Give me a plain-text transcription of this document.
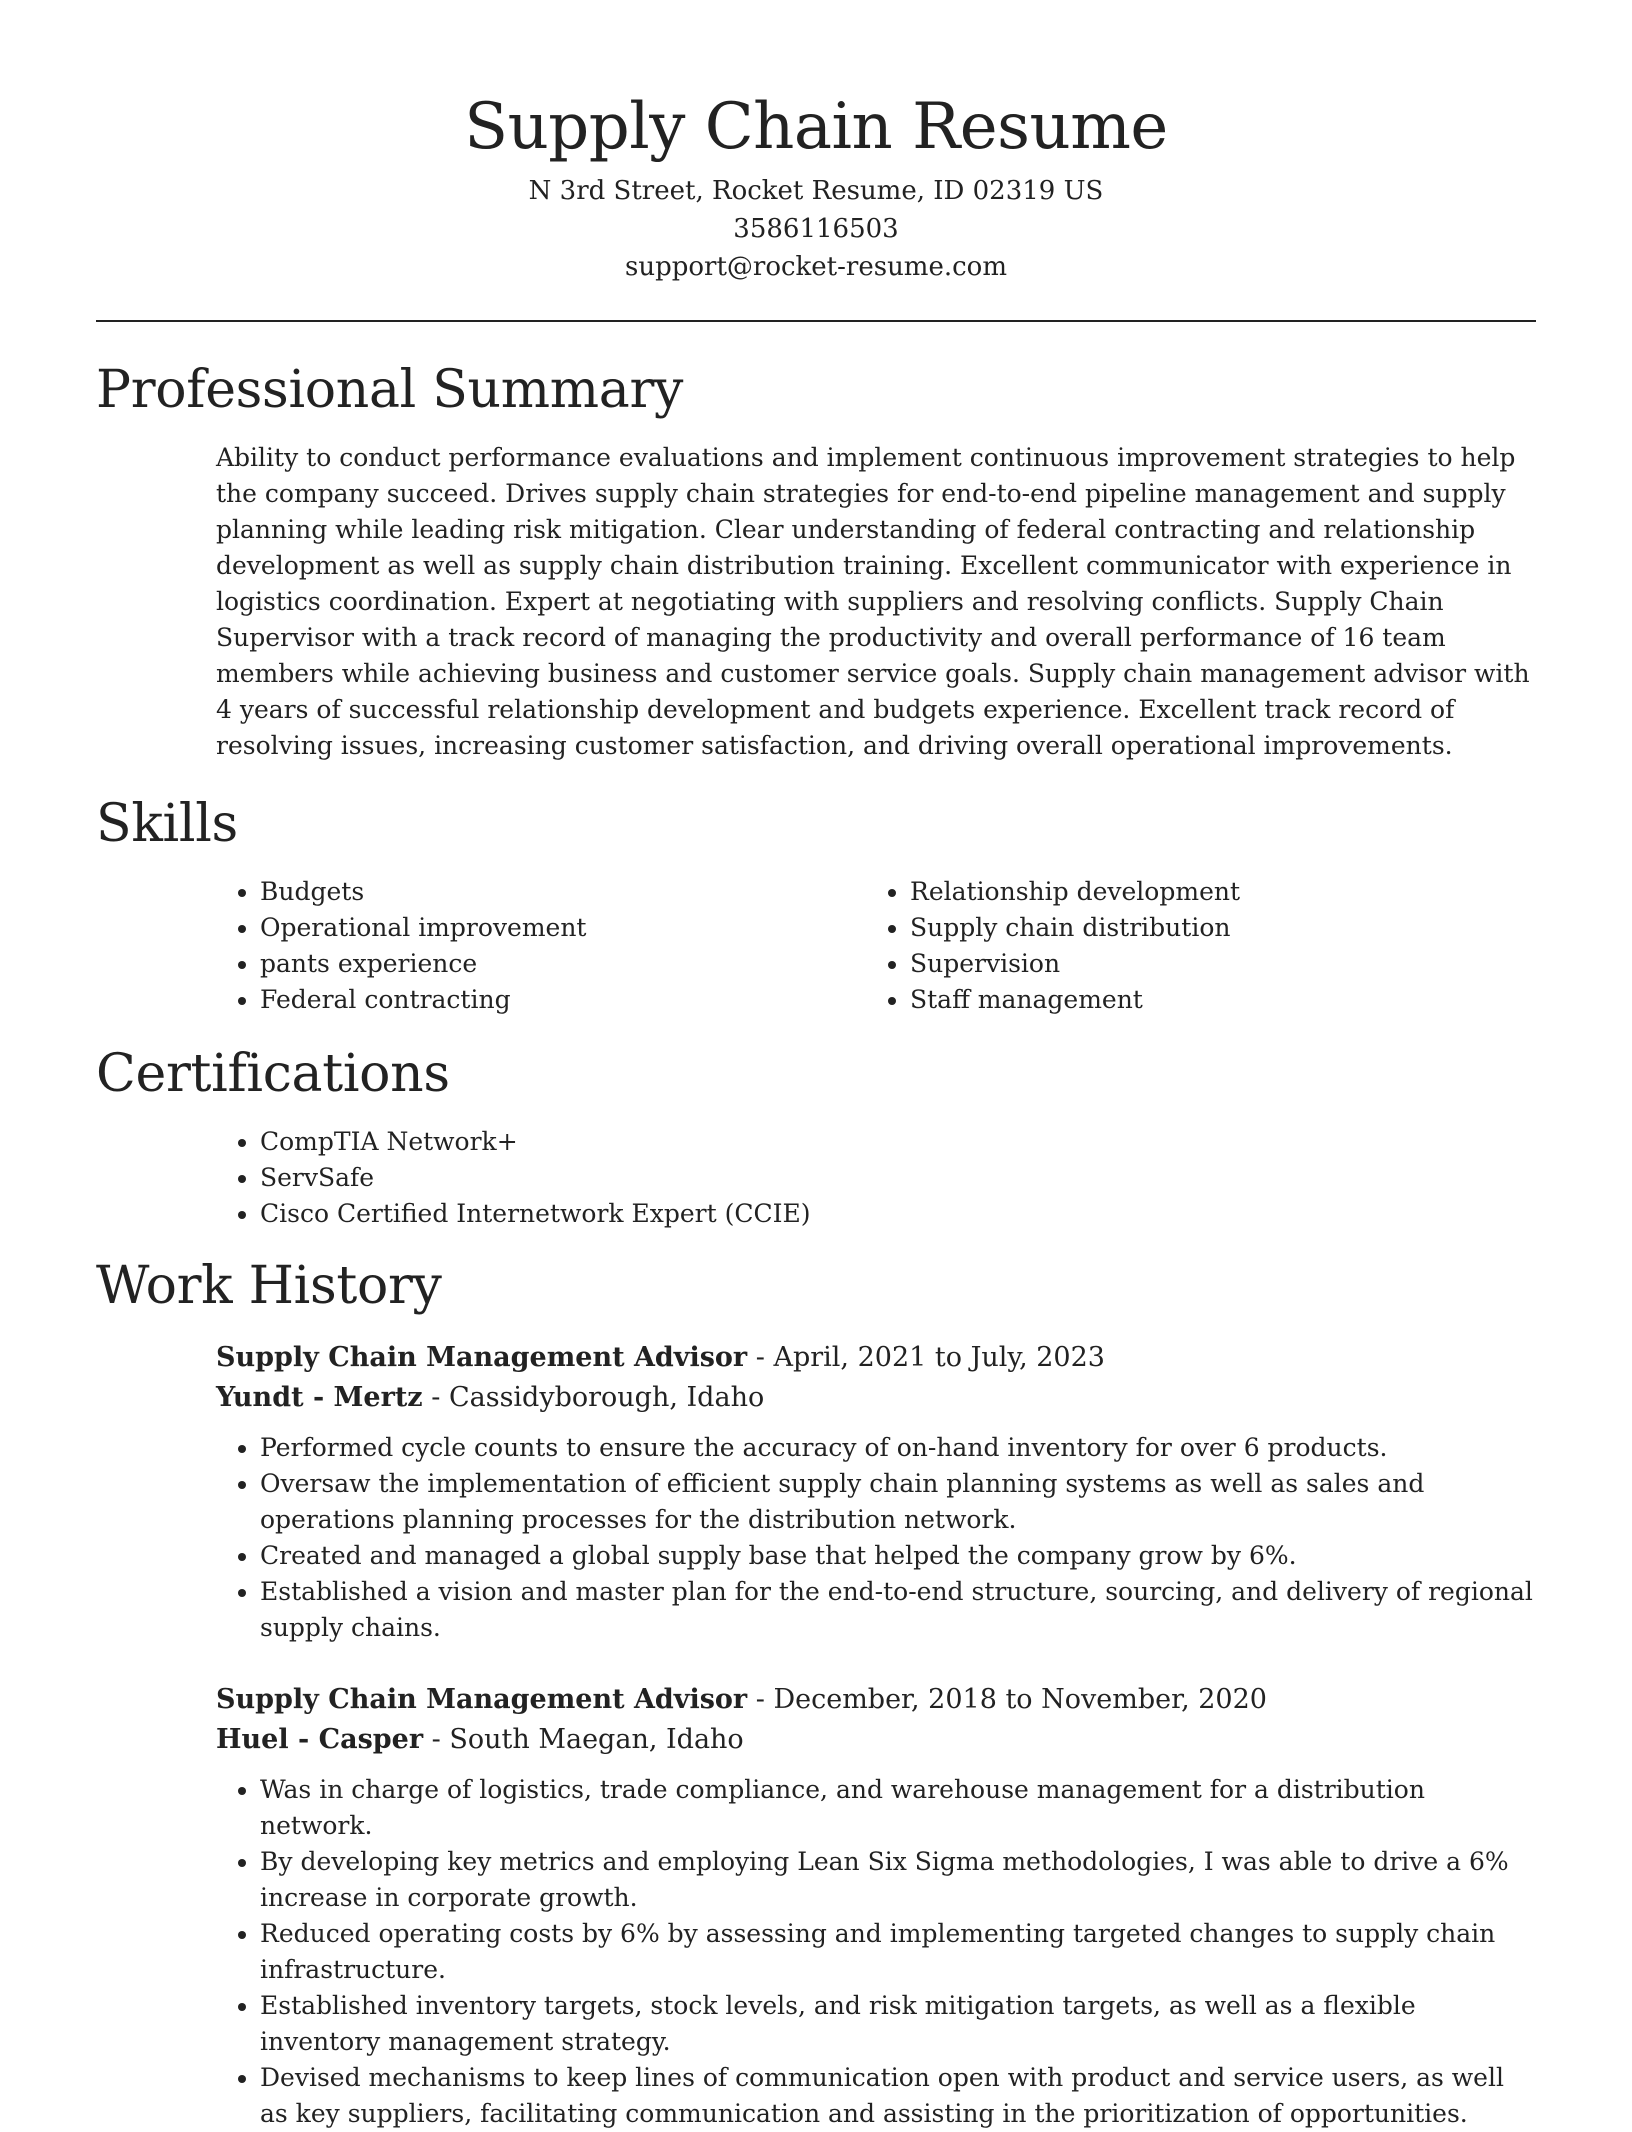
Supply Chain Resume
N 3rd Street, Rocket Resume, ID 02319 US
3586116503
support@rocket-resume.com
Professional Summary

Ability to conduct performance evaluations and implement continuous improvement strategies to help the company succeed. Drives supply chain strategies for end-to-end pipeline management and supply planning while leading risk mitigation. Clear understanding of federal contracting and relationship development as well as supply chain distribution training. Excellent communicator with experience in logistics coordination. Expert at negotiating with suppliers and resolving conflicts. Supply Chain Supervisor with a track record of managing the productivity and overall performance of 16 team members while achieving business and customer service goals. Supply chain management advisor with 4 years of successful relationship development and budgets experience. Excellent track record of resolving issues, increasing customer satisfaction, and driving overall operational improvements.

Skills
• Budgets
• Operational improvement
• pants experience
• Federal contracting
• Relationship development
• Supply chain distribution
• Supervision
• Staff management
Certifications
• CompTIA Network+
• ServSafe
• Cisco Certified Internetwork Expert (CCIE)
Work History
Supply Chain Management Advisor - April, 2021 to July, 2023
Yundt - Mertz - Cassidyborough, Idaho
• Performed cycle counts to ensure the accuracy of on-hand inventory for over 6 products.
• Oversaw the implementation of efficient supply chain planning systems as well as sales and operations planning processes for the distribution network.
• Created and managed a global supply base that helped the company grow by 6%.
• Established a vision and master plan for the end-to-end structure, sourcing, and delivery of regional supply chains.
Supply Chain Management Advisor - December, 2018 to November, 2020
Huel - Casper - South Maegan, Idaho
• Was in charge of logistics, trade compliance, and warehouse management for a distribution network.
• By developing key metrics and employing Lean Six Sigma methodologies, I was able to drive a 6% increase in corporate growth.
• Reduced operating costs by 6% by assessing and implementing targeted changes to supply chain infrastructure.
• Established inventory targets, stock levels, and risk mitigation targets, as well as a flexible inventory management strategy.
• Devised mechanisms to keep lines of communication open with product and service users, as well as key suppliers, facilitating communication and assisting in the prioritization of opportunities.
